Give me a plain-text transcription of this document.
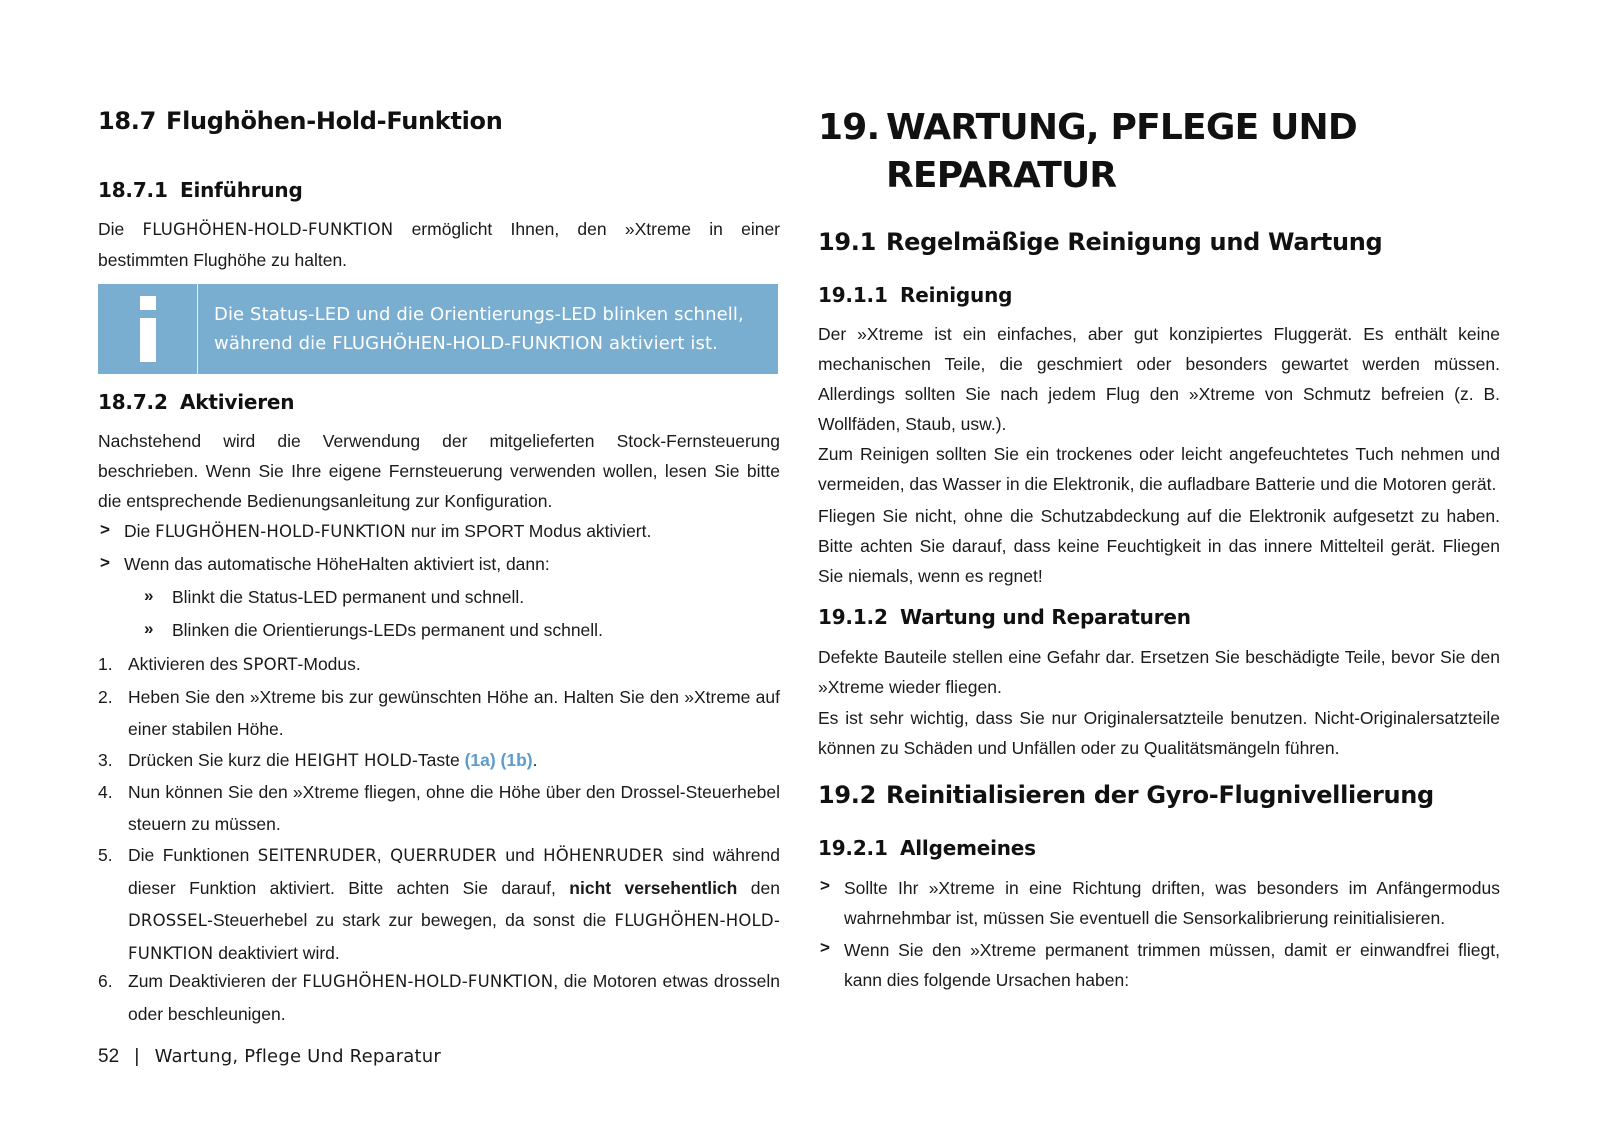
18.7 Flughöhen-Hold-Funktion
18.7.1 Einführung
Die FLUGHÖHEN-HOLD-FUNKTION ermöglicht Ihnen, den »Xtreme in einer bestimmten Flughöhe zu halten.
Die Status-LED und die Orientierungs-LED blinken schnell,
während die FLUGHÖHEN-HOLD-FUNKTION aktiviert ist.
18.7.2 Aktivieren
Nachstehend wird die Verwendung der mitgelieferten Stock-Fernsteuerung beschrieben. Wenn Sie Ihre eigene Fernsteuerung verwenden wollen, lesen Sie bitte die entsprechende Bedienungsanleitung zur Konfiguration.
> Die FLUGHÖHEN-HOLD-FUNKTION nur im SPORT Modus aktiviert.
> Wenn das automatische HöheHalten aktiviert ist, dann:
» Blinkt die Status-LED permanent und schnell.
» Blinken die Orientierungs-LEDs permanent und schnell.
1. Aktivieren des SPORT-Modus.
2. Heben Sie den »Xtreme bis zur gewünschten Höhe an. Halten Sie den »Xtreme auf einer stabilen Höhe.
3. Drücken Sie kurz die HEIGHT HOLD-Taste (1a) (1b).
4. Nun können Sie den »Xtreme fliegen, ohne die Höhe über den Drossel-Steuerhebel steuern zu müssen.
5. Die Funktionen SEITENRUDER, QUERRUDER und HÖHENRUDER sind während dieser Funktion aktiviert. Bitte achten Sie darauf, nicht versehentlich den DROSSEL-Steuerhebel zu stark zur bewegen, da sonst die FLUGHÖHEN-HOLD-FUNKTION deaktiviert wird.
6. Zum Deaktivieren der FLUGHÖHEN-HOLD-FUNKTION, die Motoren etwas drosseln oder beschleunigen.
19. WARTUNG, PFLEGE UND
REPARATUR
19.1 Regelmäßige Reinigung und Wartung
19.1.1 Reinigung
Der »Xtreme ist ein einfaches, aber gut konzipiertes Fluggerät. Es enthält keine mechanischen Teile, die geschmiert oder besonders gewartet werden müssen. Allerdings sollten Sie nach jedem Flug den »Xtreme von Schmutz befreien (z. B. Wollfäden, Staub, usw.).
Zum Reinigen sollten Sie ein trockenes oder leicht angefeuchtetes Tuch nehmen und vermeiden, das Wasser in die Elektronik, die aufladbare Batterie und die Motoren gerät.
Fliegen Sie nicht, ohne die Schutzabdeckung auf die Elektronik aufgesetzt zu haben. Bitte achten Sie darauf, dass keine Feuchtigkeit in das innere Mittelteil gerät. Fliegen Sie niemals, wenn es regnet!
19.1.2 Wartung und Reparaturen
Defekte Bauteile stellen eine Gefahr dar. Ersetzen Sie beschädigte Teile, bevor Sie den »Xtreme wieder fliegen.
Es ist sehr wichtig, dass Sie nur Originalersatzteile benutzen. Nicht-Originalersatzteile können zu Schäden und Unfällen oder zu Qualitätsmängeln führen.
19.2 Reinitialisieren der Gyro-Flugnivellierung
19.2.1 Allgemeines
> Sollte Ihr »Xtreme in eine Richtung driften, was besonders im Anfängermodus wahrnehmbar ist, müssen Sie eventuell die Sensorkalibrierung reinitialisieren.
> Wenn Sie den »Xtreme permanent trimmen müssen, damit er einwandfrei fliegt, kann dies folgende Ursachen haben:
52 | Wartung, Pflege Und Reparatur
